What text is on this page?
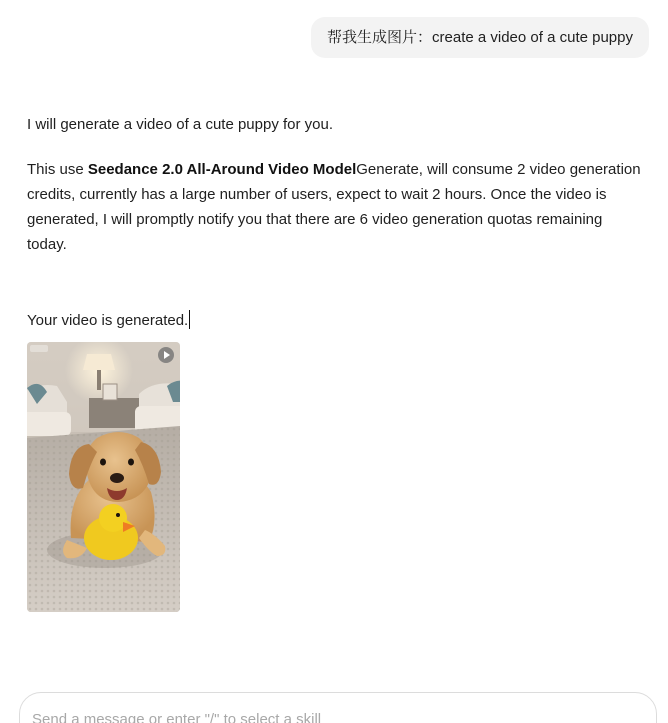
帮我生成图片：create a video of a cute puppy

I will generate a video of a cute puppy for you.

This use Seedance 2.0 All-Around Video ModelGenerate, will consume 2 video generation credits, currently has a large number of users, expect to wait 2 hours. Once the video is generated, I will promptly notify you that there are 6 video generation quotas remaining today.

Your video is generated.

Send a message or enter "/" to select a skill
